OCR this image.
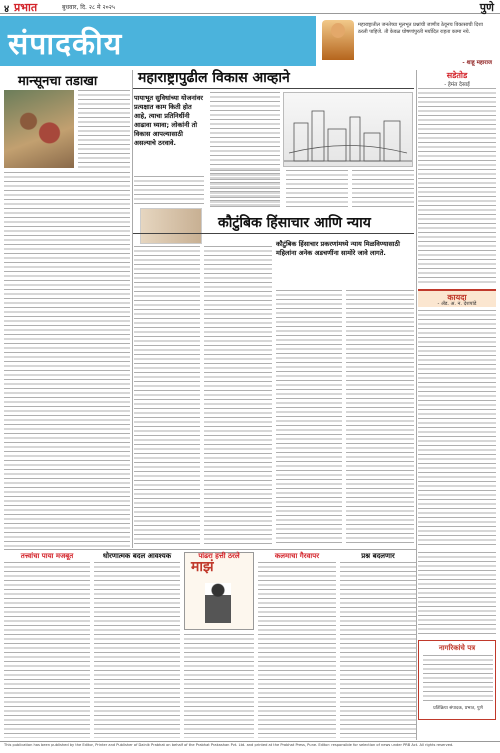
४ प्रभात	बुधवार, दि. २८ मे २०२५	पुणे
संपादकीय
महाराष्ट्रातील जनतेच्या मूलभूत प्रश्नांची जाणीव ठेवूनच विकासाची दिशा ठरली पाहिजे. ती केवळ घोषणांपुरती मर्यादित राहता कामा नये.
- शाहू महाराज
मान्सूनचा तडाखा	महाराष्ट्रापुढील विकास आव्हाने
पायाभूत सुविधांच्या योजनांवर प्रत्यक्षात काम किती होत आहे, त्याचा प्रतिनिधींनी आढावा घ्यावा; लोकांनी तो विकास आपल्यासाठी असल्याचे ठरवावे.
सडेतोड
- हेमंत देसाई
कायदा
- ॲड. अ. न. देशपांडे
कौटुंबिक हिंसाचार आणि न्याय
कौटुंबिक हिंसाचार प्रकरणांमध्ये न्याय मिळविण्यासाठी महिलांना अनेक अडचणींना सामोरे जावे लागते.
तत्त्वांचा पाया मजबूत	धोरणात्मक बदल आवश्यक
माझं
पांढरा हत्ती ठरले	कलमाचा गैरवापर	प्रश्न बदलणार
नागरिकांचे पत्र
प्रतिक्रिया संपादक, प्रभात, पुणे
This publication has been published by the Editor, Printer and Publisher of Dainik Prabhat on behalf of the Prabhat Prakashan Pvt. Ltd. and printed at the Prabhat Press, Pune. Editor: responsible for selection of news under PRB Act. All rights reserved.
